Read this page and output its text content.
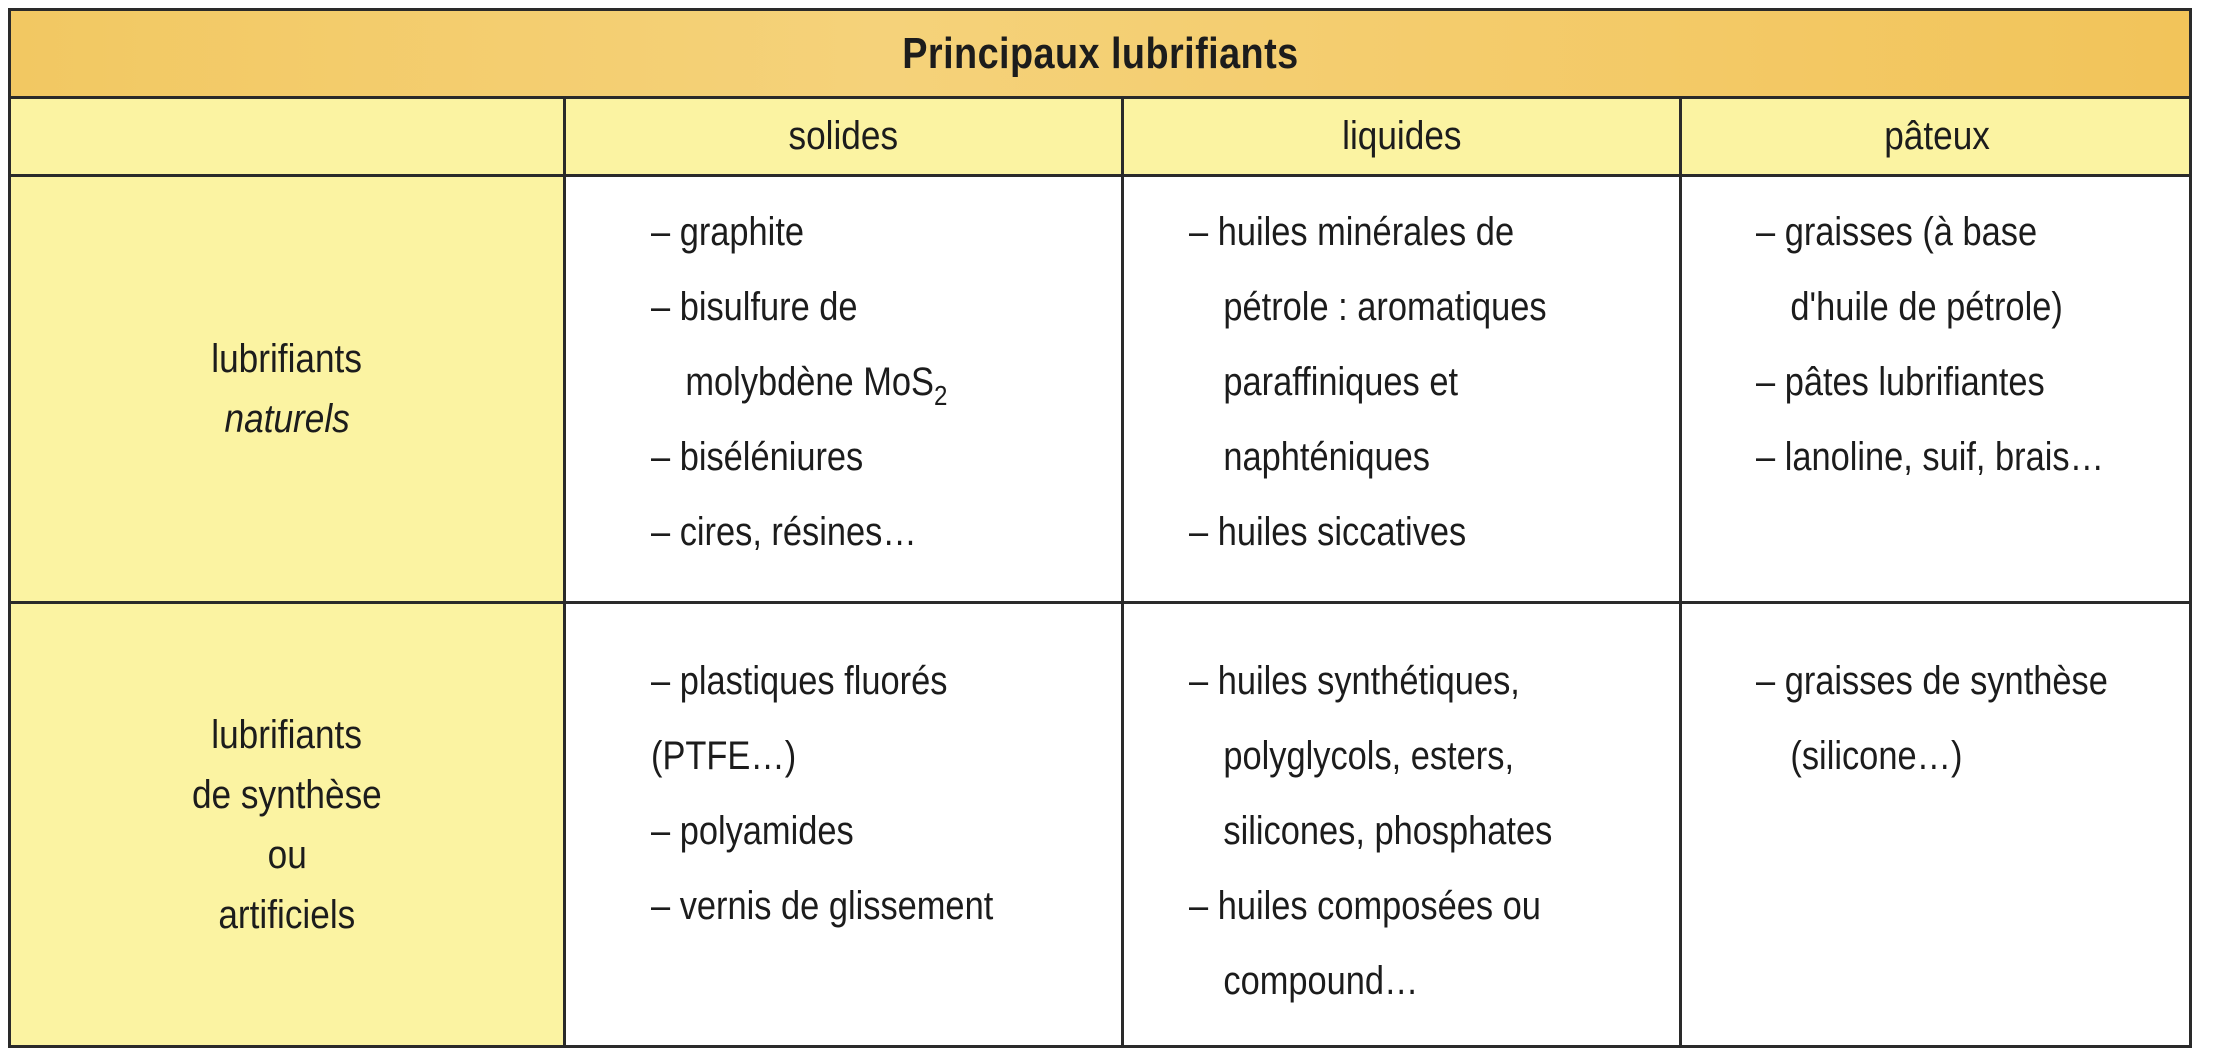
Principaux lubrifiants
solides	liquides	pâteux
lubrifiants
naturels
lubrifiants
de synthèse
ou
artificiels
– graphite
– bisulfure de
molybdène MoS$_2$
– biséléniures
– cires, résines…
– huiles minérales de
pétrole : aromatiques
paraffiniques et
naphténiques
– huiles siccatives
– graisses (à base
d'huile de pétrole)
– pâtes lubrifiantes
– lanoline, suif, brais…
– plastiques fluorés
(PTFE…)
– polyamides
– vernis de glissement
– huiles synthétiques,
polyglycols, esters,
silicones, phosphates
– huiles composées ou
compound…
– graisses de synthèse
(silicone…)
